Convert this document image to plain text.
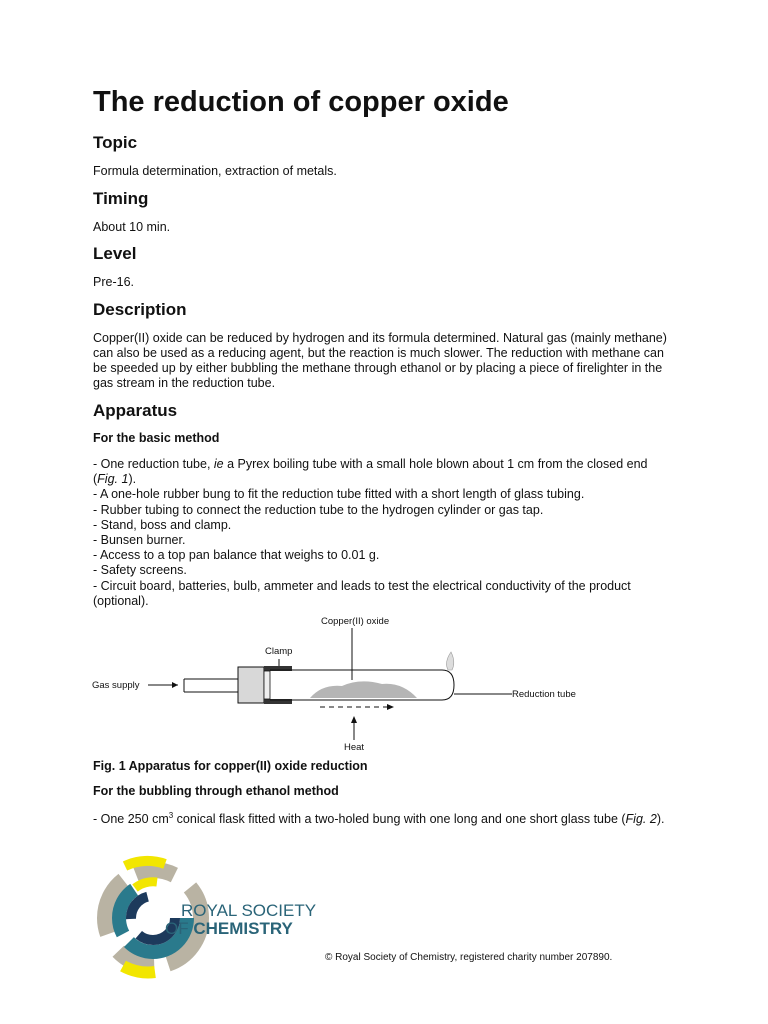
The reduction of copper oxide
Topic

Formula determination, extraction of metals.

Timing

About 10 min.

Level

Pre-16.

Description

Copper(II) oxide can be reduced by hydrogen and its formula determined. Natural gas (mainly methane) can also be used as a reducing agent, but the reaction is much slower. The reduction with methane can be speeded up by either bubbling the methane through ethanol or by placing a piece of firelighter in the gas stream in the reduction tube.

Apparatus
For the basic method
- One reduction tube, ie a Pyrex boiling tube with a small hole blown about 1 cm from the closed end (Fig. 1).
- A one-hole rubber bung to fit the reduction tube fitted with a short length of glass tubing.
- Rubber tubing to connect the reduction tube to the hydrogen cylinder or gas tap.
- Stand, boss and clamp.
- Bunsen burner.
- Access to a top pan balance that weighs to 0.01 g.
- Safety screens.
- Circuit board, batteries, bulb, ammeter and leads to test the electrical conductivity of the product (optional).
Fig. 1 Apparatus for copper(II) oxide reduction
For the bubbling through ethanol method

- One 250 $cm^3$ conical flask fitted with a two-holed bung with one long and one short glass tube (Fig. 2).

Copper(II) oxide
Clamp
Gas supply
Reduction tube
Heat
ROYAL SOCIETY
OF CHEMISTRY
© Royal Society of Chemistry, registered charity number 207890.
